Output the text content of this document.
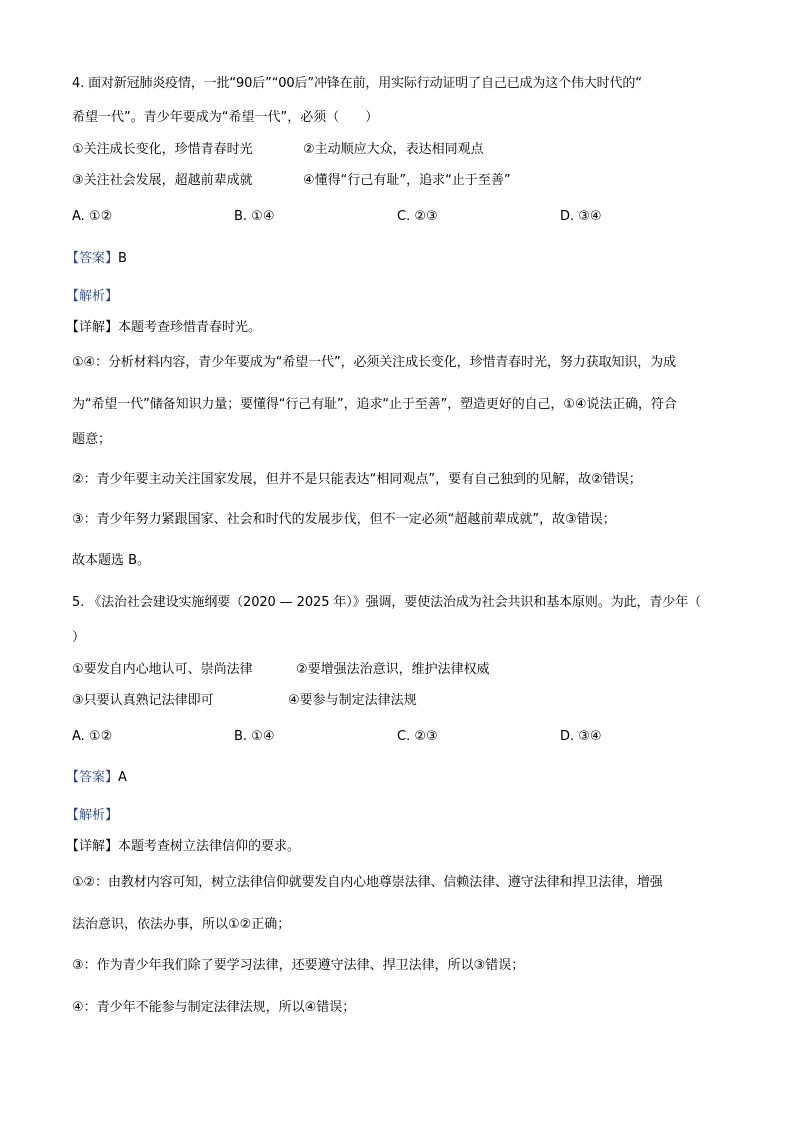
4. 面对新冠肺炎疫情，一批“90后”“00后”冲锋在前，用实际行动证明了自己已成为这个伟大时代的“
希望一代”。青少年要成为“希望一代”，必须（　　）
①关注成长变化，珍惜青春时光	②主动顺应大众，表达相同观点
③关注社会发展，超越前辈成就	④懂得“行己有耻”，追求“止于至善”
A. ①②	B. ①④	C. ②③	D. ③④
【答案】B
【解析】
【详解】本题考查珍惜青春时光。
①④：分析材料内容，青少年要成为“希望一代”，必须关注成长变化，珍惜青春时光，努力获取知识，为成
为“希望一代”储备知识力量；要懂得“行己有耻”，追求“止于至善”，塑造更好的自己，①④说法正确，符合
题意；
②：青少年要主动关注国家发展，但并不是只能表达“相同观点”，要有自己独到的见解，故②错误；
③：青少年努力紧跟国家、社会和时代的发展步伐，但不一定必须“超越前辈成就”，故③错误；
故本题选 B。
5. 《法治社会建设实施纲要（2020 — 2025 年）》强调，要使法治成为社会共识和基本原则。为此，青少年（
）
①要发自内心地认可、崇尚法律	②要增强法治意识，维护法律权威
③只要认真熟记法律即可	④要参与制定法律法规
A. ①②	B. ①④	C. ②③	D. ③④
【答案】A
【解析】
【详解】本题考查树立法律信仰的要求。
①②：由教材内容可知，树立法律信仰就要发自内心地尊崇法律、信赖法律、遵守法律和捍卫法律，增强
法治意识，依法办事，所以①②正确；
③：作为青少年我们除了要学习法律，还要遵守法律、捍卫法律，所以③错误；
④：青少年不能参与制定法律法规，所以④错误；
